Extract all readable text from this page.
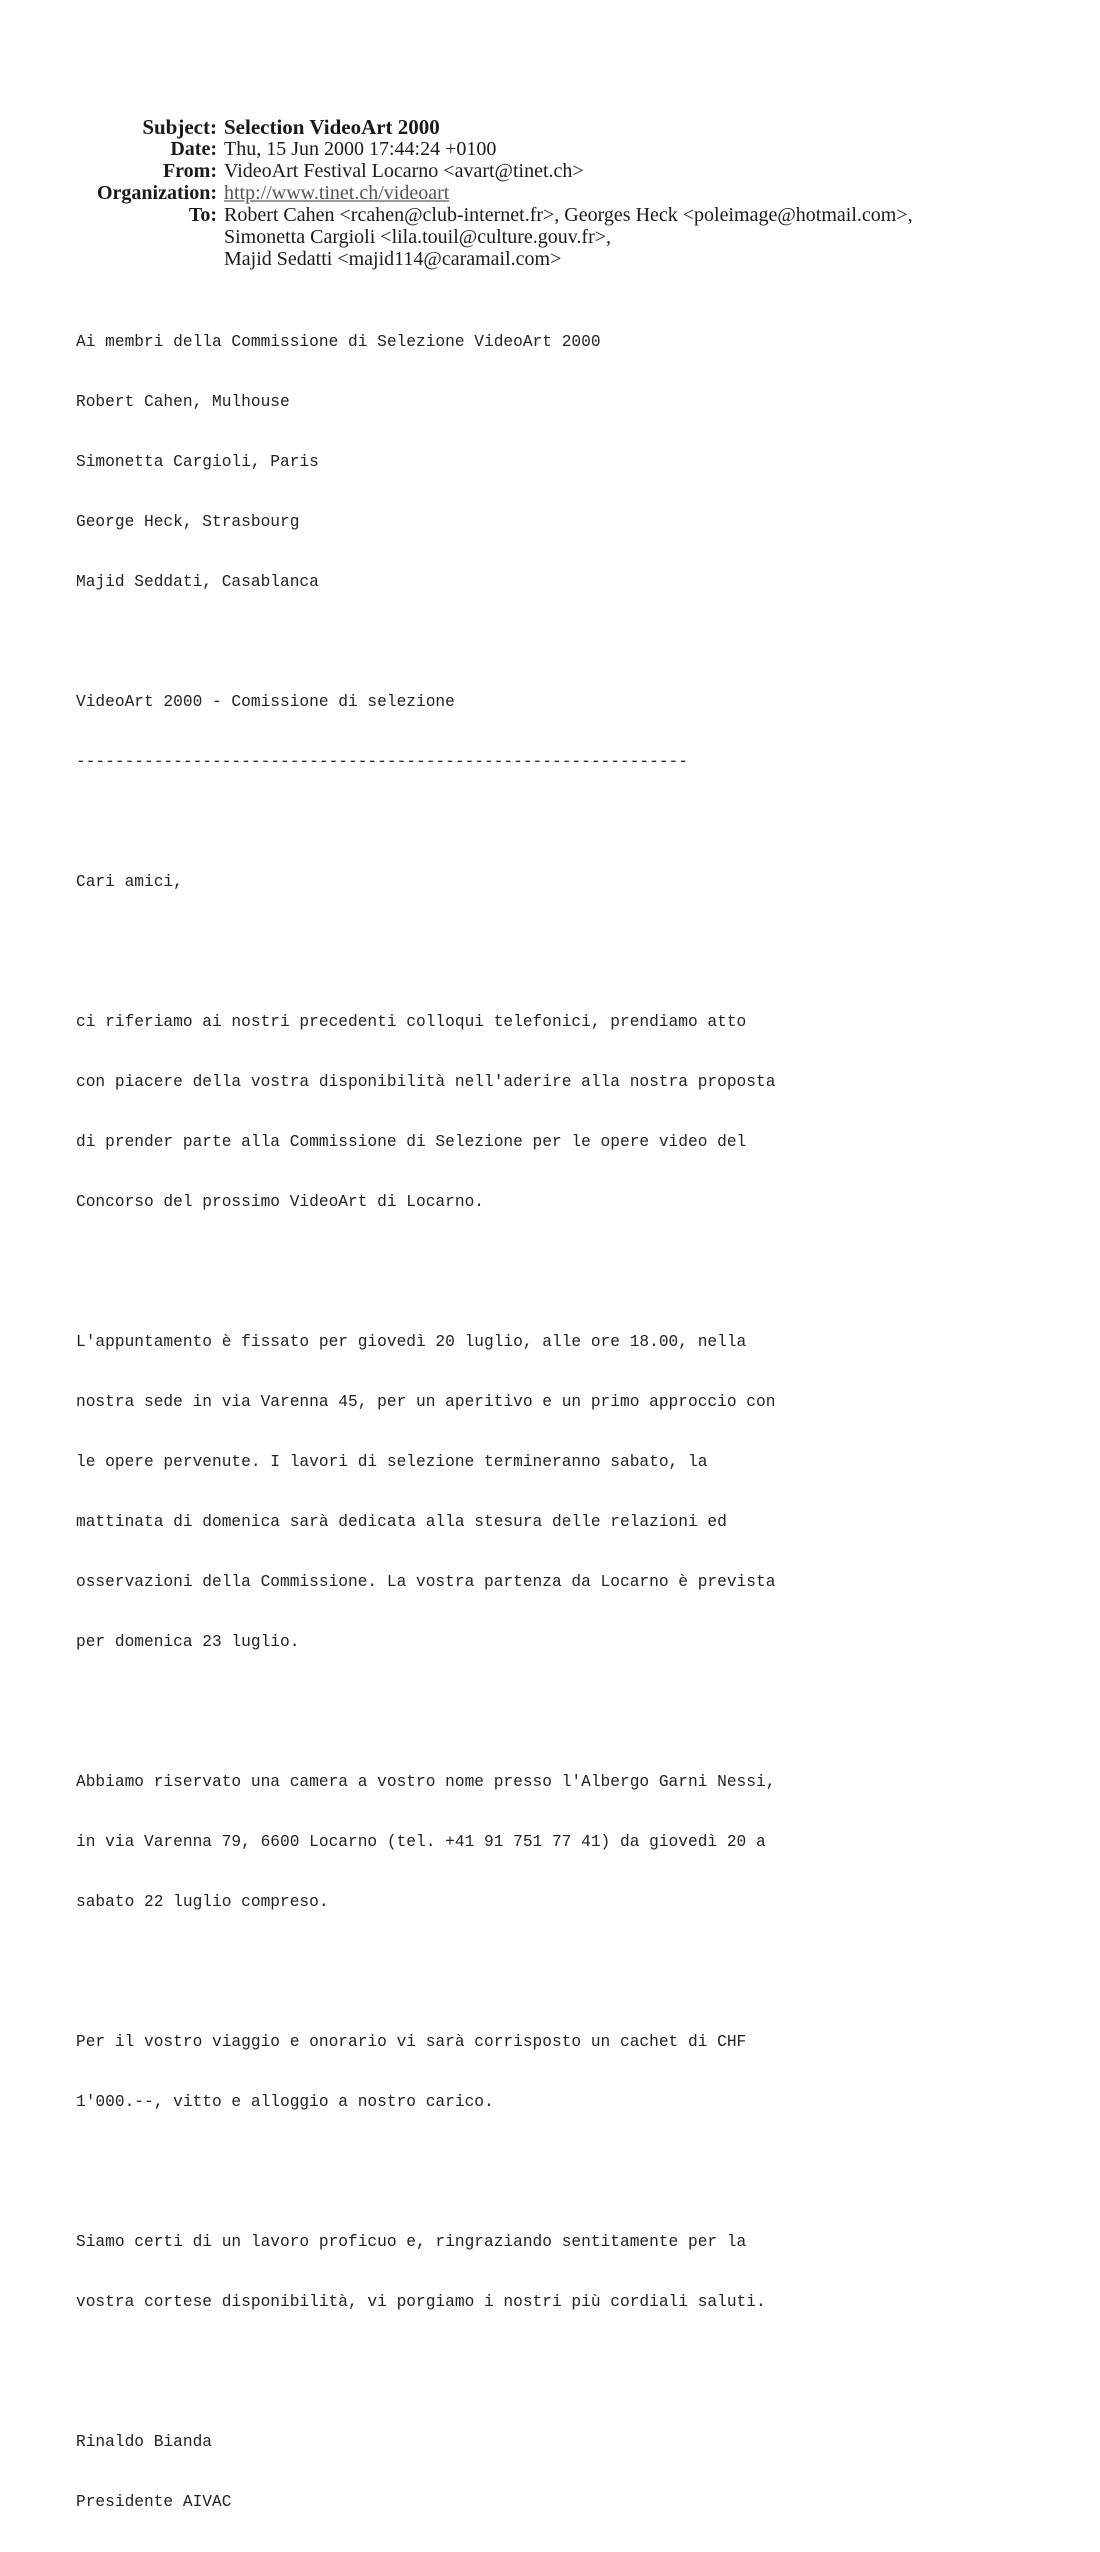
Subject: Selection VideoArt 2000
Date: Thu, 15 Jun 2000 17:44:24 +0100
From: VideoArt Festival Locarno <avart@tinet.ch>
Organization: http://www.tinet.ch/videoart
To: Robert Cahen <rcahen@club-internet.fr>, Georges Heck <poleimage@hotmail.com>,
Simonetta Cargioli <lila.touil@culture.gouv.fr>,
Majid Sedatti <majid114@caramail.com>

Ai membri della Commissione di Selezione VideoArt 2000

Robert Cahen, Mulhouse

Simonetta Cargioli, Paris

George Heck, Strasbourg

Majid Seddati, Casablanca

VideoArt 2000 - Comissione di selezione

---------------------------------------------------------------

Cari amici,

ci riferiamo ai nostri precedenti colloqui telefonici, prendiamo atto

con piacere della vostra disponibilità nell'aderire alla nostra proposta

di prender parte alla Commissione di Selezione per le opere video del

Concorso del prossimo VideoArt di Locarno.

L'appuntamento è fissato per giovedì 20 luglio, alle ore 18.00, nella

nostra sede in via Varenna 45, per un aperitivo e un primo approccio con

le opere pervenute. I lavori di selezione termineranno sabato, la

mattinata di domenica sarà dedicata alla stesura delle relazioni ed

osservazioni della Commissione. La vostra partenza da Locarno è prevista

per domenica 23 luglio.

Abbiamo riservato una camera a vostro nome presso l'Albergo Garni Nessi,

in via Varenna 79, 6600 Locarno (tel. +41 91 751 77 41) da giovedì 20 a

sabato 22 luglio compreso.

Per il vostro viaggio e onorario vi sarà corrisposto un cachet di CHF

1'000.--, vitto e alloggio a nostro carico.

Siamo certi di un lavoro proficuo e, ringraziando sentitamente per la

vostra cortese disponibilità, vi porgiamo i nostri più cordiali saluti.

Rinaldo Bianda

Presidente AIVAC
